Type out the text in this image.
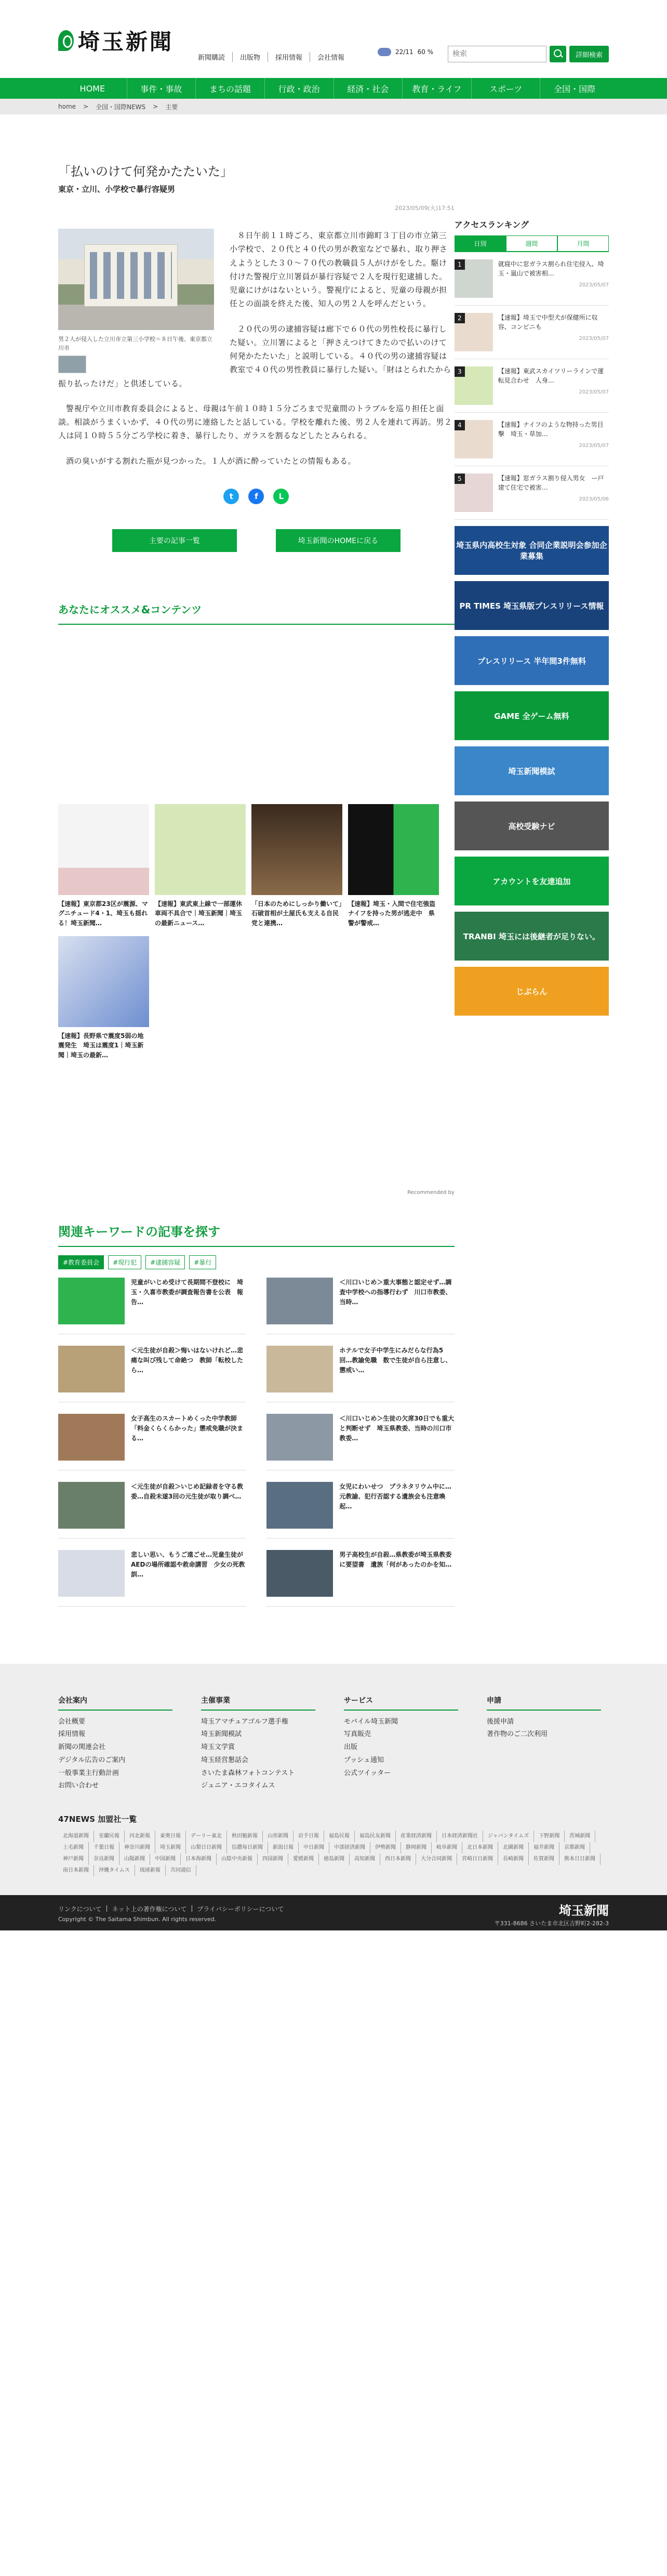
埼玉新聞
新聞購読	出版物	採用情報	会社情報
22/11 60 %
検索	詳細検索
HOME	事件・事故	まちの話題	行政・政治	経済・社会	教育・ライフ	スポーツ	全国・国際
home > 全国・国際NEWS > 主要
「払いのけて何発かたたいた」
東京・立川、小学校で暴行容疑男
2023/05/09(火)17:51
男２人が侵入した立川市立第三小学校＝８日午後、東京都立川市

８日午前１１時ごろ、東京都立川市錦町３丁目の市立第三小学校で、２０代と４０代の男が教室などで暴れ、取り押さえようとした３０～７０代の教職員５人がけがをした。駆け付けた警視庁立川署員が暴行容疑で２人を現行犯逮捕した。児童にけがはないという。警視庁によると、児童の母親が担任との面談を終えた後、知人の男２人を呼んだという。

２０代の男の逮捕容疑は廊下で６０代の男性校長に暴行した疑い。立川署によると「押さえつけてきたので払いのけて何発かたたいた」と説明している。４０代の男の逮捕容疑は教室で４０代の男性教員に暴行した疑い。「財はとられたから振り払ったけだ」と供述している。

警視庁や立川市教育委員会によると、母親は午前１０時１５分ごろまで児童間のトラブルを巡り担任と面談。相談がうまくいかず、４０代の男に連絡したと話している。学校を離れた後、男２人を連れて再訪。男２人は同１０時５５分ごろ学校に着き、暴行したり、ガラスを割るなどしたとみられる。

酒の臭いがする割れた瓶が見つかった。１人が酒に酔っていたとの情報もある。

t	f	L
主要の記事一覧	埼玉新聞のHOMEに戻る
あなたにオススメ&コンテンツ
【速報】東京都23区が震源、マグニチュード4・1、埼玉も揺れる！埼玉新聞…
【速報】東武東上線で一部運休　車両不具合で｜埼玉新聞｜埼玉の最新ニュース…
「日本のためにしっかり働いて」石破首相が土屋氏も支える自民党と連携…
【速報】埼玉・入間で住宅強盗　ナイフを持った男が逃走中　県警が警戒…
【速報】長野県で震度5弱の地震発生　埼玉は震度1｜埼玉新聞｜埼玉の最新…
Recommended by
関連キーワードの記事を探す
#教育委員会	#現行犯	#逮捕容疑	#暴行
児童がいじめ受けて長期間不登校に　埼玉・久喜市教委が調査報告書を公表　報告…
＜川口いじめ＞重大事態と認定せず…調査中学校への指導行わず　川口市教委、当時…
＜元生徒が自殺＞悔いはないけれど…悲痛な叫び残して命絶つ　教師「転校したら…
ホテルで女子中学生にみだらな行為5回…教諭免職　数で生徒が自ら注意し、懲戒い…
女子高生のスカートめくった中学教師「料金くらくらかった」懲戒免職が決まる…
＜川口いじめ＞生徒の欠席30日でも重大と判断せず　埼玉県教委、当時の川口市教委…
＜元生徒が自殺＞いじめ記録者を守る教委…自殺未遂3回の元生徒が取り調べ…
女児にわいせつ　プラネタリウム中に…元教諭、犯行否認する遺族会も注意喚起…
悲しい思い、もうご遠ごせ…児童生徒がAEDの場所確認や救命講習　少女の死教訓…
男子高校生が自殺…県教委が埼玉県教委に要望書　遺族「何があったのかを知…
アクセスランキング
日別	週間	月間
1	就寝中に窓ガラス割られ住宅侵入、埼玉・嵐山で被害相…
2023/05/07
2	【速報】埼玉で中型犬が保健所に収容、コンビニも
2023/05/07
3	【速報】東武スカイツリーラインで運転見合わせ　人身…
2023/05/07
4	【速報】ナイフのような物持った男目撃　埼玉・草加…
2023/05/07
5	【速報】窓ガラス割り侵入男女　ー戸建て住宅で被害…
2023/05/06
埼玉県内高校生対象 合同企業説明会参加企業募集
PR TIMES 埼玉県版プレスリリース情報
プレスリリース 半年間3件無料
GAME 全ゲーム無料
埼玉新聞模試
高校受験ナビ
アカウントを友達追加
TRANBI 埼玉には後継者が足りない。
じぶらん
会社案内
会社概要
採用情報
新聞の関連会社
デジタル広告のご案内
一般事業主行動計画
お問い合わせ
主催事業
埼玉アマチュアゴルフ選手権
埼玉新聞模試
埼玉文学賞
埼玉経営懇話会
さいたま森林フォトコンテスト
ジュニア・エコタイムス
サービス
モバイル埼玉新聞
写真販売
出版
プッシュ通知
公式ツイッター
申請
後援申請
著作物のご二次利用
47NEWS 加盟社一覧
北海道新聞	室蘭民報	河北新報	東奥日報	デーリー東北	秋田魁新報	山形新聞	岩手日報	福島民報	福島民友新聞	産業経済新聞	日本経済新聞社	ジャパンタイムズ	下野新聞	茨城新聞
上毛新聞	千葉日報	神奈川新聞	埼玉新聞	山梨日日新聞	信濃毎日新聞	新潟日報	中日新聞	中部経済新聞	伊勢新聞	静岡新聞	岐阜新聞	北日本新聞	北國新聞	福井新聞	京都新聞
神戸新聞	奈良新聞	山陽新聞	中国新聞	日本海新聞	山陰中央新報	四国新聞	愛媛新聞	徳島新聞	高知新聞	西日本新聞	大分合同新聞	宮崎日日新聞	長崎新聞	佐賀新聞	熊本日日新聞
南日本新聞	沖縄タイムス	琉球新報	共同通信
リンクについて | ネット上の著作権について | プライバシーポリシーについて
Copyright © The Saitama Shimbun. All rights reserved.
埼玉新聞
〒331-8686 さいたま市北区吉野町2-282-3
